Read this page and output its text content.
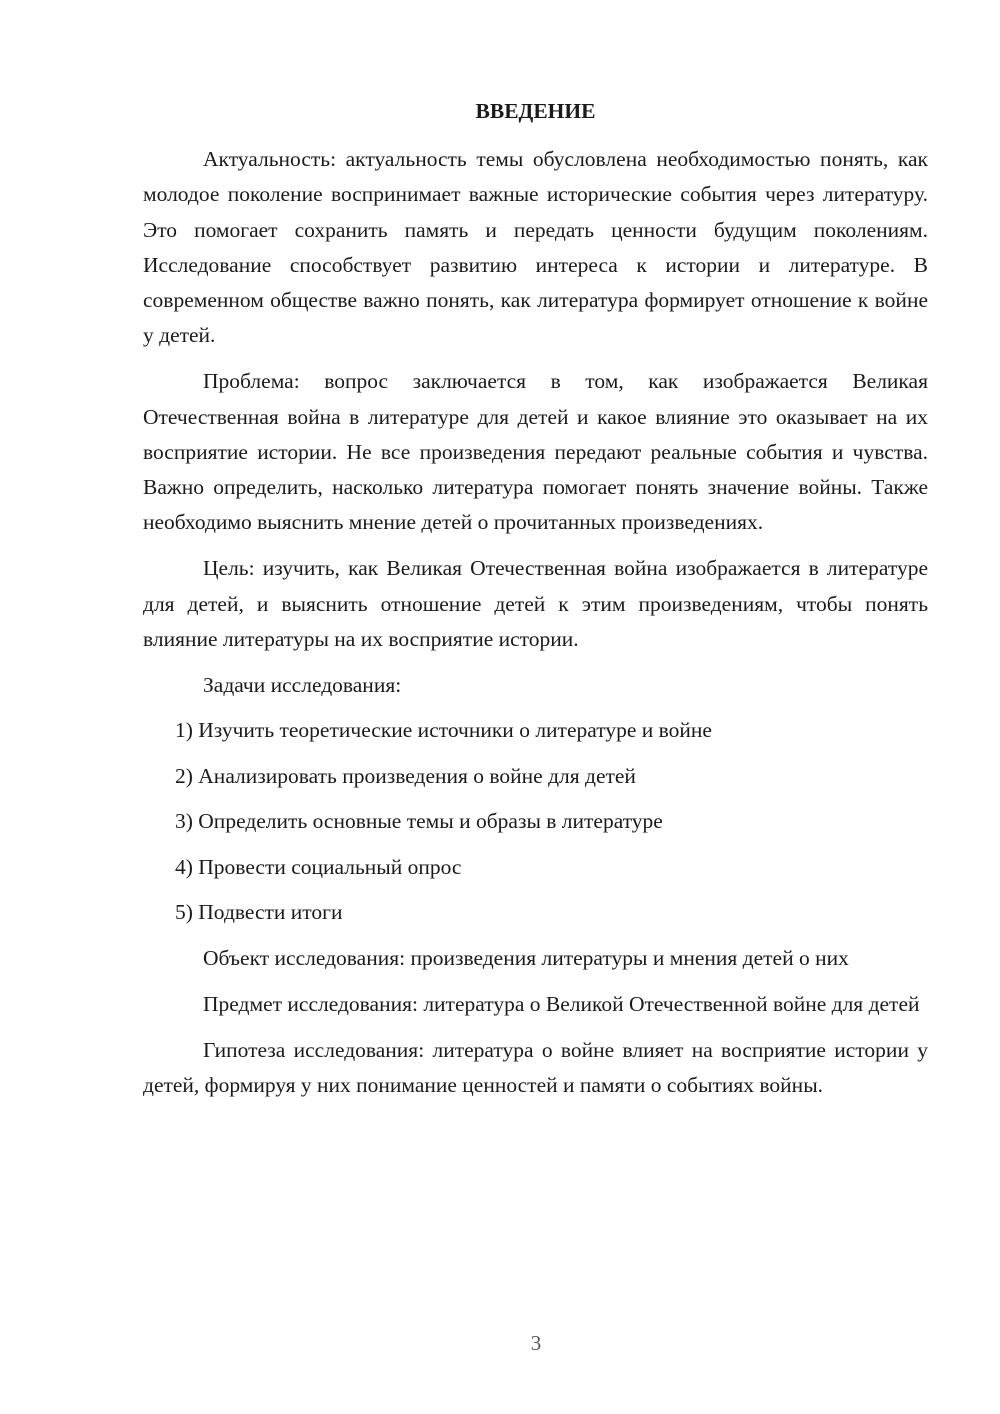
ВВЕДЕНИЕ

Актуальность: актуальность темы обусловлена необходимостью понять, как молодое поколение воспринимает важные исторические события через литературу. Это помогает сохранить память и передать ценности будущим поколениям. Исследование способствует развитию интереса к истории и литературе. В современном обществе важно понять, как литература формирует отношение к войне у детей.

Проблема: вопрос заключается в том, как изображается Великая Отечественная война в литературе для детей и какое влияние это оказывает на их восприятие истории. Не все произведения передают реальные события и чувства. Важно определить, насколько литература помогает понять значение войны. Также необходимо выяснить мнение детей о прочитанных произведениях.

Цель: изучить, как Великая Отечественная война изображается в литературе для детей, и выяснить отношение детей к этим произведениям, чтобы понять влияние литературы на их восприятие истории.

Задачи исследования:

1) Изучить теоретические источники о литературе и войне
2) Анализировать произведения о войне для детей
3) Определить основные темы и образы в литературе
4) Провести социальный опрос
5) Подвести итоги

Объект исследования: произведения литературы и мнения детей о них

Предмет исследования: литература о Великой Отечественной войне для детей

Гипотеза исследования: литература о войне влияет на восприятие истории у детей, формируя у них понимание ценностей и памяти о событиях войны.

3
